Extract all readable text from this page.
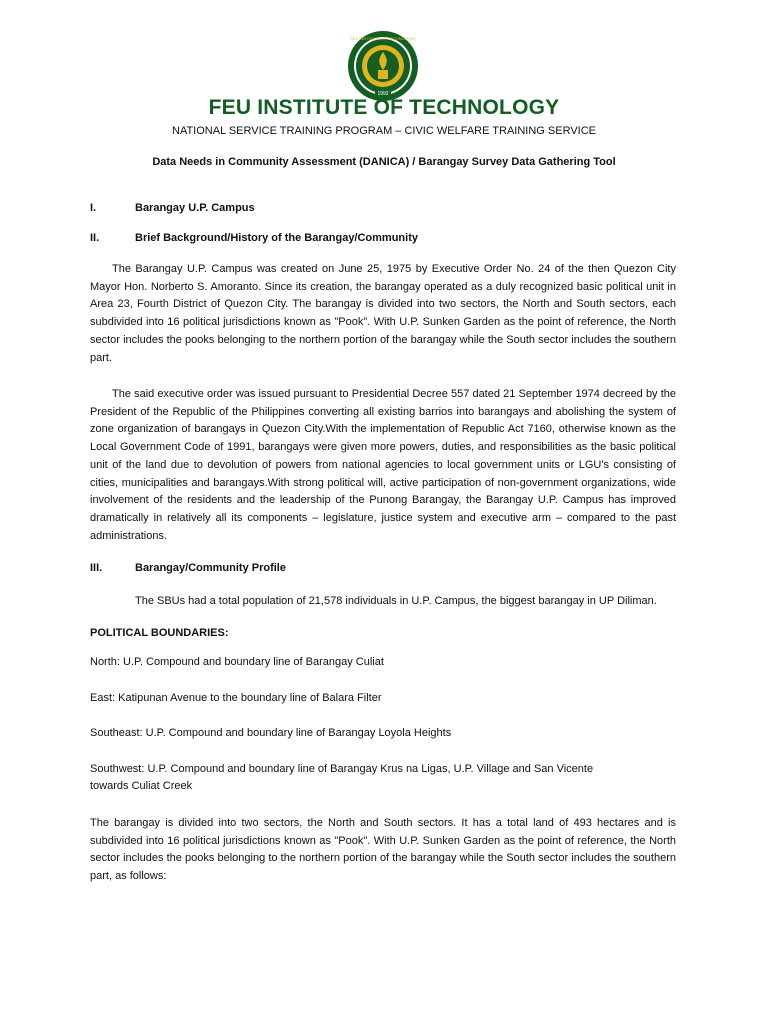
FEU INSTITUTE OF TECHNOLOGY
1992
FEU INSTITUTE OF TECHNOLOGY
NATIONAL SERVICE TRAINING PROGRAM – CIVIC WELFARE TRAINING SERVICE
Data Needs in Community Assessment (DANICA) / Barangay Survey Data Gathering Tool
I.	Barangay U.P. Campus
II.	Brief Background/History of the Barangay/Community
The Barangay U.P. Campus was created on June 25, 1975 by Executive Order No. 24 of the then Quezon City Mayor Hon. Norberto S. Amoranto. Since its creation, the barangay operated as a duly recognized basic political unit in Area 23, Fourth District of Quezon City. The barangay is divided into two sectors, the North and South sectors, each subdivided into 16 political jurisdictions known as "Pook". With U.P. Sunken Garden as the point of reference, the North sector includes the pooks belonging to the northern portion of the barangay while the South sector includes the southern part.
The said executive order was issued pursuant to Presidential Decree 557 dated 21 September 1974 decreed by the President of the Republic of the Philippines converting all existing barrios into barangays and abolishing the system of zone organization of barangays in Quezon City.With the implementation of Republic Act 7160, otherwise known as the Local Government Code of 1991, barangays were given more powers, duties, and responsibilities as the basic political unit of the land due to devolution of powers from national agencies to local government units or LGU's consisting of cities, municipalities and barangays.With strong political will, active participation of non-government organizations, wide involvement of the residents and the leadership of the Punong Barangay, the Barangay U.P. Campus has improved dramatically in relatively all its components – legislature, justice system and executive arm – compared to the past administrations.
III.	Barangay/Community Profile
The SBUs had a total population of 21,578 individuals in U.P. Campus, the biggest barangay in UP Diliman.
POLITICAL BOUNDARIES:
North: U.P. Compound and boundary line of Barangay Culiat
East: Katipunan Avenue to the boundary line of Balara Filter
Southeast: U.P. Compound and boundary line of Barangay Loyola Heights
Southwest: U.P. Compound and boundary line of Barangay Krus na Ligas, U.P. Village and San Vicente
towards Culiat Creek
The barangay is divided into two sectors, the North and South sectors. It has a total land of 493 hectares and is subdivided into 16 political jurisdictions known as "Pook". With U.P. Sunken Garden as the point of reference, the North sector includes the pooks belonging to the northern portion of the barangay while the South sector includes the southern part, as follows:
